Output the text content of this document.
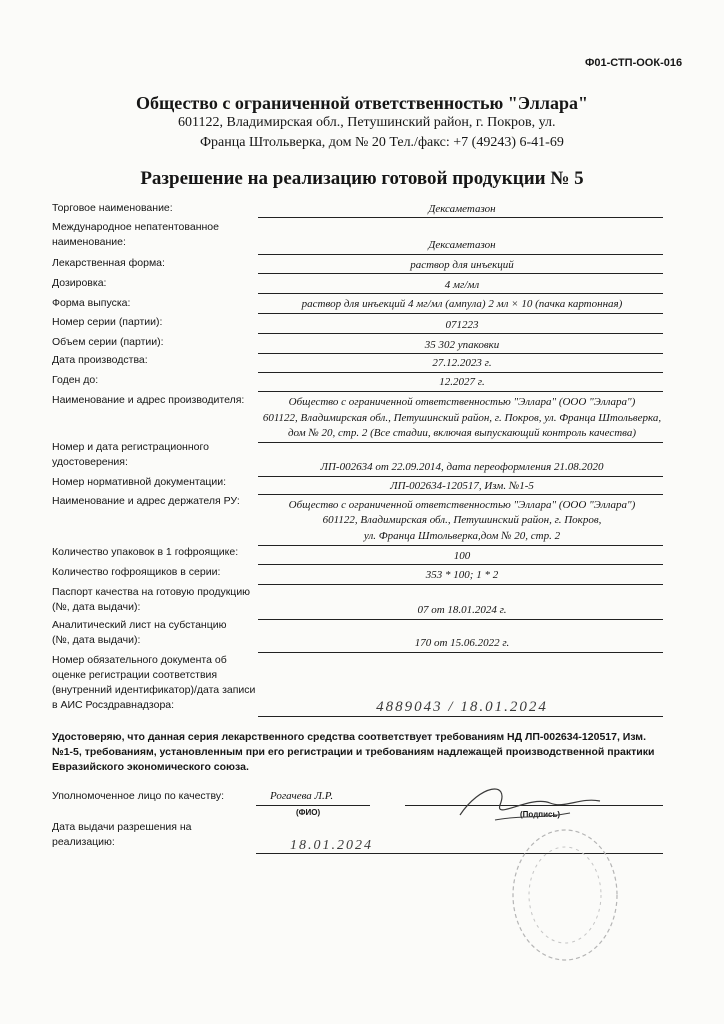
Ф01-СТП-ООК-016
Общество с ограниченной ответственностью "Эллара"
601122, Владимирская обл., Петушинский район, г. Покров, ул.
Франца Штольверка, дом № 20 Тел./факс: +7 (49243) 6-41-69
Разрешение на реализацию готовой продукции № 5
Торговое наименование:	Дексаметазон
Международное непатентованное наименование:	Дексаметазон
Лекарственная форма:	раствор для инъекций
Дозировка:	4 мг/мл
Форма выпуска:	раствор для инъекций 4 мг/мл (ампула) 2 мл × 10 (пачка картонная)
Номер серии (партии):	071223
Объем серии (партии):	35 302 упаковки
Дата производства:	27.12.2023 г.
Годен до:	12.2027 г.
Наименование и адрес производителя:	Общество с ограниченной ответственностью "Эллара" (ООО "Эллара")
601122, Владимирская обл., Петушинский район, г. Покров, ул. Франца Штольверка,
дом № 20, стр. 2 (Все стадии, включая выпускающий контроль качества)
Номер и дата регистрационного удостоверения:	ЛП-002634 от 22.09.2014, дата переоформления 21.08.2020
Номер нормативной документации:	ЛП-002634-120517, Изм. №1-5
Наименование и адрес держателя РУ:	Общество с ограниченной ответственностью "Эллара" (ООО "Эллара")
601122, Владимирская обл., Петушинский район, г. Покров,
ул. Франца Штольверка,дом № 20, стр. 2
Количество упаковок в 1 гофроящике:	100
Количество гофроящиков в серии:	353 * 100; 1 * 2
Паспорт качества на готовую продукцию (№, дата выдачи):	07 от 18.01.2024 г.
Аналитический лист на субстанцию (№, дата выдачи):	170 от 15.06.2022 г.
Номер обязательного документа об оценке регистрации соответствия (внутренний идентификатор)/дата записи в АИС Росздравнадзора:	4889043 / 18.01.2024
Удостоверяю, что данная серия лекарственного средства соответствует требованиям НД ЛП-002634-120517, Изм. №1-5, требованиям, установленным при его регистрации и требованиям надлежащей производственной практики Евразийского экономического союза.
Уполномоченное лицо по качеству:	Рогачева Л.Р.
(ФИО)	(Подпись)
Дата выдачи разрешения на реализацию:	18.01.2024
